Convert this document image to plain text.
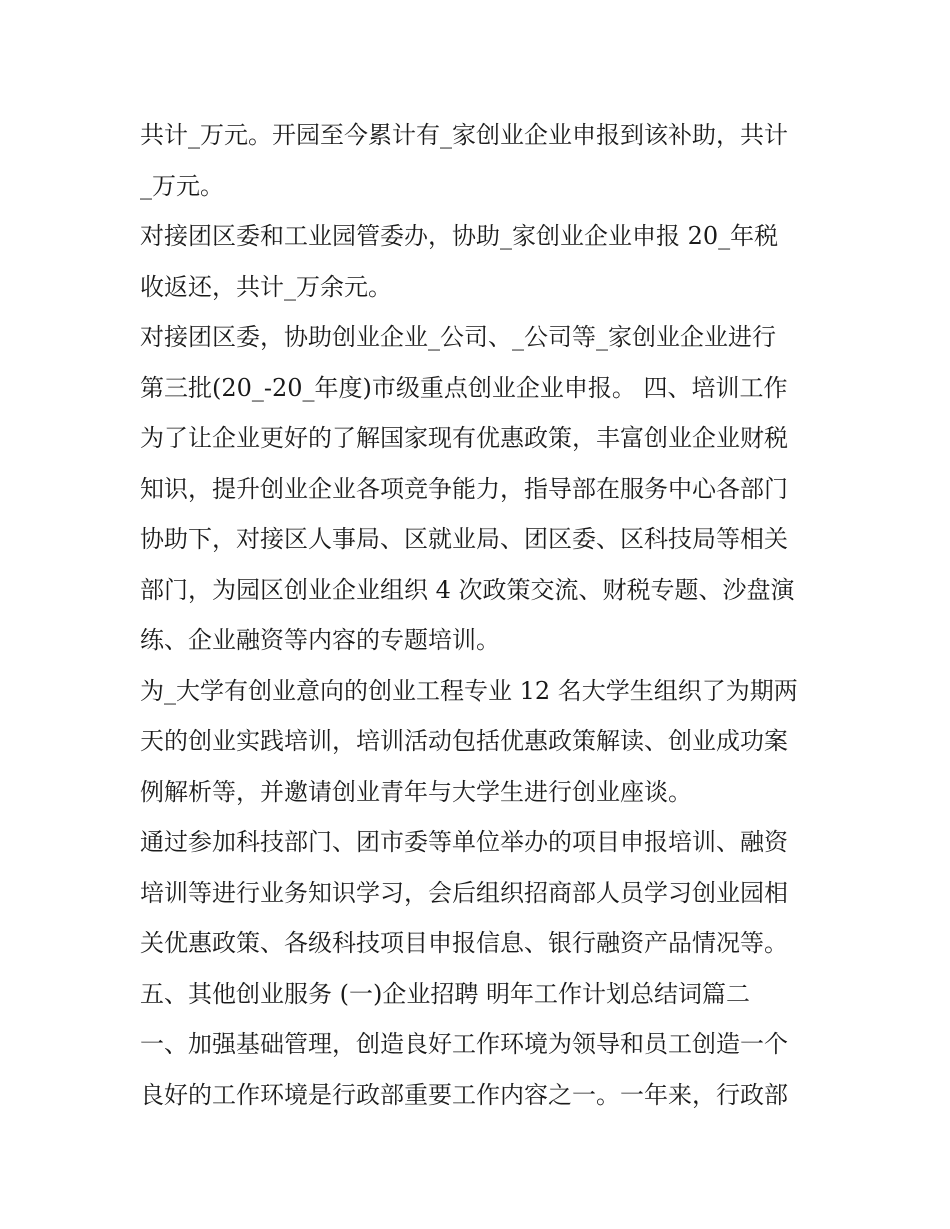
共计_万元。开园至今累计有_家创业企业申报到该补助，共计
_万元。
对接团区委和工业园管委办，协助_家创业企业申报 20_年税
收返还，共计_万余元。
对接团区委，协助创业企业_公司、_公司等_家创业企业进行
第三批(20_-20_年度)市级重点创业企业申报。 四、培训工作
为了让企业更好的了解国家现有优惠政策，丰富创业企业财税
知识，提升创业企业各项竞争能力，指导部在服务中心各部门
协助下，对接区人事局、区就业局、团区委、区科技局等相关
部门，为园区创业企业组织 4 次政策交流、财税专题、沙盘演
练、企业融资等内容的专题培训。
为_大学有创业意向的创业工程专业 12 名大学生组织了为期两
天的创业实践培训，培训活动包括优惠政策解读、创业成功案
例解析等，并邀请创业青年与大学生进行创业座谈。
通过参加科技部门、团市委等单位举办的项目申报培训、融资
培训等进行业务知识学习，会后组织招商部人员学习创业园相
关优惠政策、各级科技项目申报信息、银行融资产品情况等。
五、其他创业服务 (一)企业招聘 明年工作计划总结词篇二
一、加强基础管理，创造良好工作环境为领导和员工创造一个
良好的工作环境是行政部重要工作内容之一。一年来，行政部
